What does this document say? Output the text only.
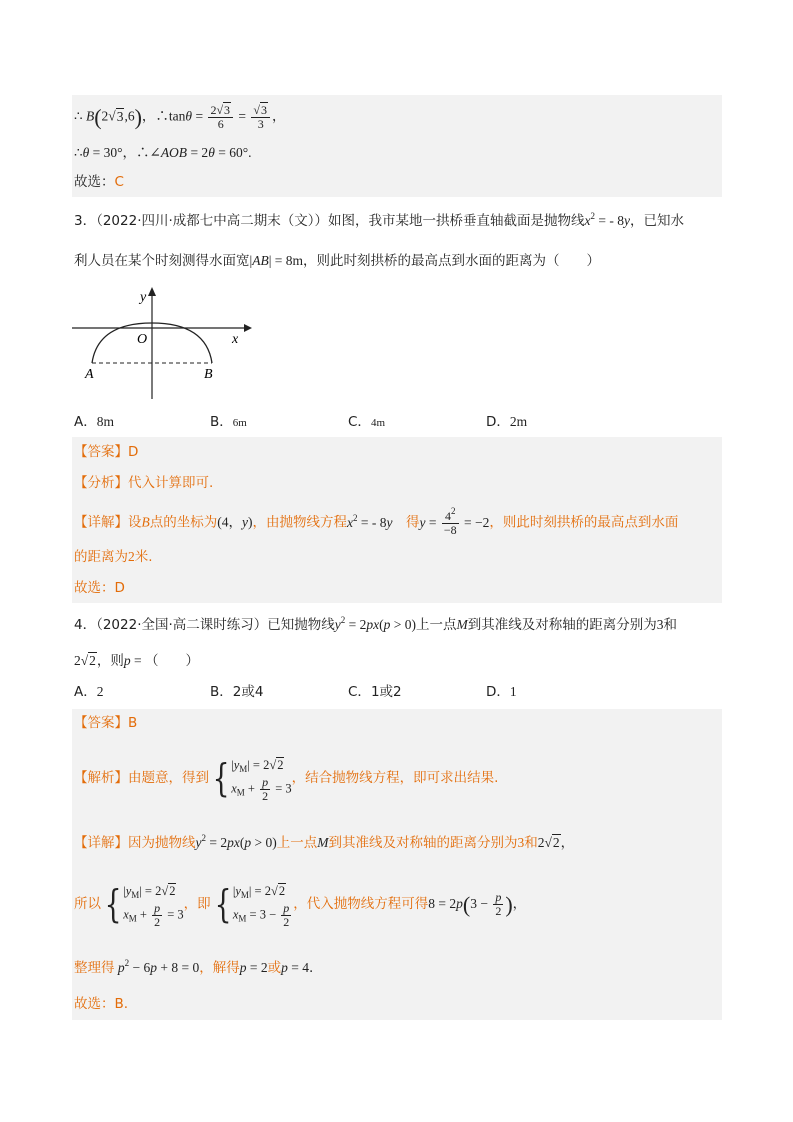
∴ B(2√3,6)，∴tanθ = $\frac{2√3}{6} = \frac{√3}{3}$ ，
∴θ = 30°，∴∠AOB = 2θ = 60°.
故选：C
3．（2022·四川·成都七中高二期末（文））如图，我市某地一拱桥垂直轴截面是抛物线$x^2$ = - 8y，已知水
利人员在某个时刻测得水面宽|AB| = 8m，则此时刻拱桥的最高点到水面的距离为（　　）
y
x
O
A	B
A．8m	B．6m	C．4m	D．2m
【答案】D
【分析】代入计算即可.
【详解】设B点的坐标为(4，y)，由抛物线方程$x^2$ = - 8y　 得$y = \frac{4^2}{-8} = -2$，则此时刻拱桥的最高点到水面
的距离为2米.
故选：D
4．（2022·全国·高二课时练习）已知抛物线$y^2 = 2px(p > 0)$上一点M到其准线及对称轴的距离分别为3和
2√2，则p = （　　）
A．2	B．2或4	C．1或2	D．1
【答案】B
【解析】由题意，得到{ $|y_M| = 2√2$
$x_M + \frac{p}{2} = 3$
，结合抛物线方程，即可求出结果.
【详解】因为抛物线$y^2 = 2px(p > 0)$上一点M到其准线及对称轴的距离分别为3和2√2，
所以{ $|y_M| = 2√2$
$x_M + \frac{p}{2} = 3$
，即{ $|y_M| = 2√2$
$x_M = 3 - \frac{p}{2}$ ，代入抛物线方程可得$8 = 2p(3 - \frac{p}{2}$ )，
整理得 $p^2 - 6p + 8 = 0$，解得p = 2或p = 4.
故选：B.
